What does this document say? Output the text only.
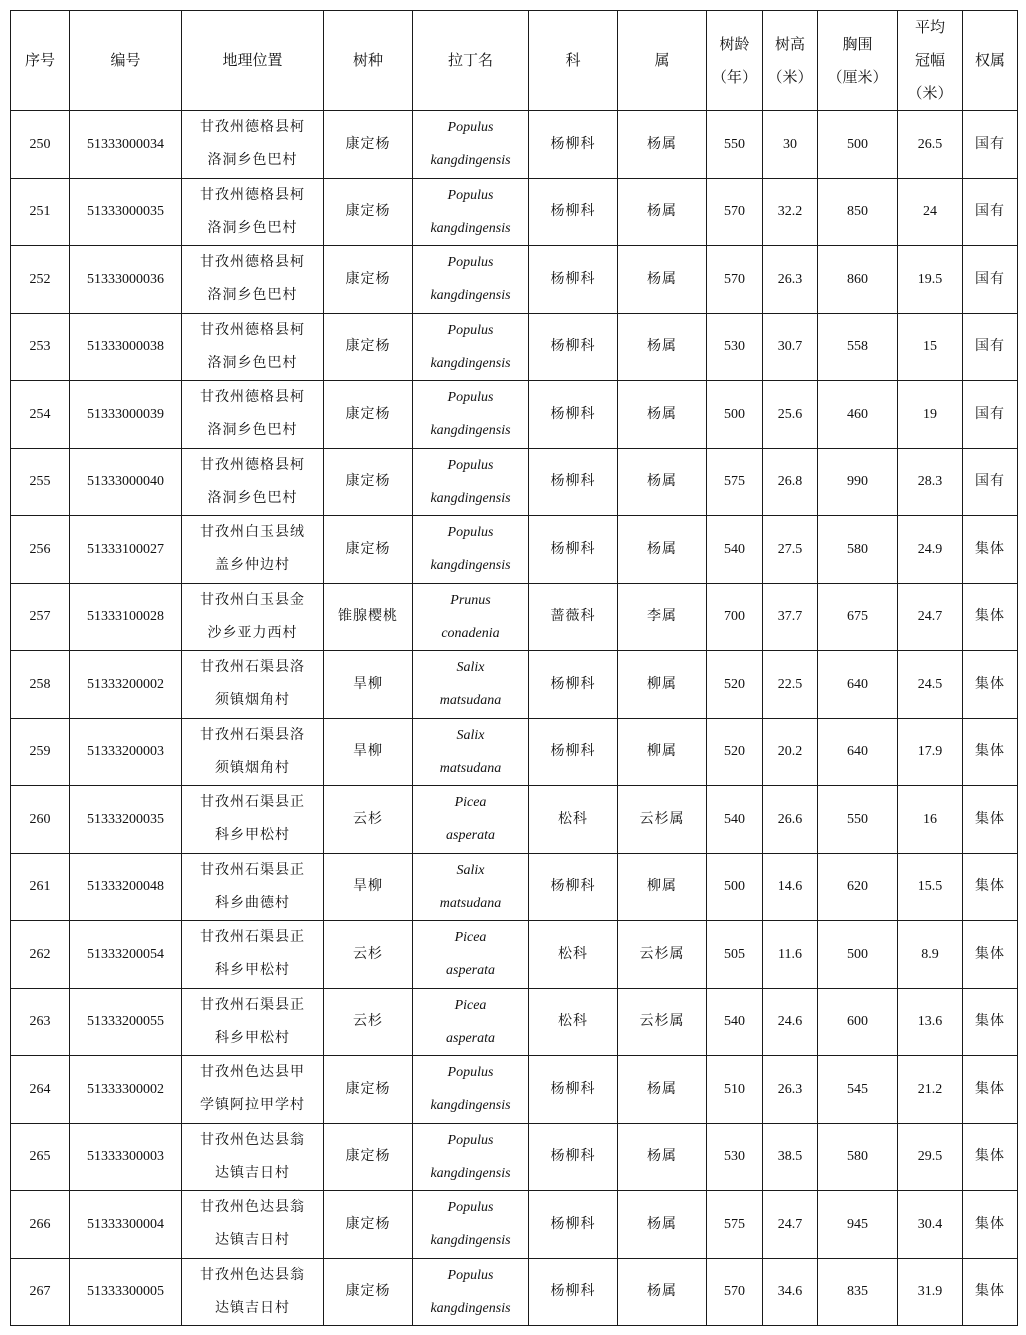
序号	编号	地理位置	树种	拉丁名	科	属	树龄
（年）	树高
（米）	胸围
（厘米）	平均
冠幅
（米）	权属
250	51333000034	甘孜州德格县柯
洛洞乡色巴村	康定杨	Populus
kangdingensis	杨柳科	杨属	550	30	500	26.5	国有
251	51333000035	甘孜州德格县柯
洛洞乡色巴村	康定杨	Populus
kangdingensis	杨柳科	杨属	570	32.2	850	24	国有
252	51333000036	甘孜州德格县柯
洛洞乡色巴村	康定杨	Populus
kangdingensis	杨柳科	杨属	570	26.3	860	19.5	国有
253	51333000038	甘孜州德格县柯
洛洞乡色巴村	康定杨	Populus
kangdingensis	杨柳科	杨属	530	30.7	558	15	国有
254	51333000039	甘孜州德格县柯
洛洞乡色巴村	康定杨	Populus
kangdingensis	杨柳科	杨属	500	25.6	460	19	国有
255	51333000040	甘孜州德格县柯
洛洞乡色巴村	康定杨	Populus
kangdingensis	杨柳科	杨属	575	26.8	990	28.3	国有
256	51333100027	甘孜州白玉县绒
盖乡仲边村	康定杨	Populus
kangdingensis	杨柳科	杨属	540	27.5	580	24.9	集体
257	51333100028	甘孜州白玉县金
沙乡亚力西村	锥腺樱桃	Prunus
conadenia	蔷薇科	李属	700	37.7	675	24.7	集体
258	51333200002	甘孜州石渠县洛
须镇烟角村	旱柳	Salix
matsudana	杨柳科	柳属	520	22.5	640	24.5	集体
259	51333200003	甘孜州石渠县洛
须镇烟角村	旱柳	Salix
matsudana	杨柳科	柳属	520	20.2	640	17.9	集体
260	51333200035	甘孜州石渠县正
科乡甲松村	云杉	Picea
asperata	松科	云杉属	540	26.6	550	16	集体
261	51333200048	甘孜州石渠县正
科乡曲德村	旱柳	Salix
matsudana	杨柳科	柳属	500	14.6	620	15.5	集体
262	51333200054	甘孜州石渠县正
科乡甲松村	云杉	Picea
asperata	松科	云杉属	505	11.6	500	8.9	集体
263	51333200055	甘孜州石渠县正
科乡甲松村	云杉	Picea
asperata	松科	云杉属	540	24.6	600	13.6	集体
264	51333300002	甘孜州色达县甲
学镇阿拉甲学村	康定杨	Populus
kangdingensis	杨柳科	杨属	510	26.3	545	21.2	集体
265	51333300003	甘孜州色达县翁
达镇吉日村	康定杨	Populus
kangdingensis	杨柳科	杨属	530	38.5	580	29.5	集体
266	51333300004	甘孜州色达县翁
达镇吉日村	康定杨	Populus
kangdingensis	杨柳科	杨属	575	24.7	945	30.4	集体
267	51333300005	甘孜州色达县翁
达镇吉日村	康定杨	Populus
kangdingensis	杨柳科	杨属	570	34.6	835	31.9	集体
